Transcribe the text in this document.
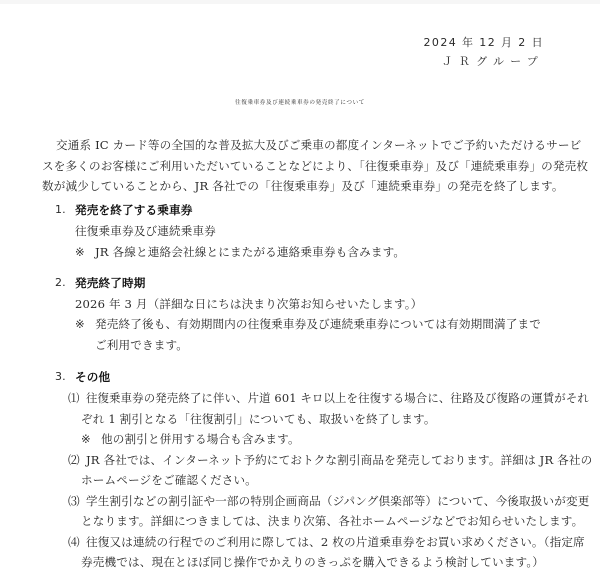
2024 年 12 月 2 日
ＪＲグループ
往復乗車券及び連続乗車券の発売終了について
交通系 IC カード等の全国的な普及拡大及びご乗車の都度インターネットでご予約いただけるサービ
スを多くのお客様にご利用いただいていることなどにより、「往復乗車券」及び「連続乗車券」の発売枚
数が減少していることから、JR 各社での「往復乗車券」及び「連続乗車券」の発売を終了します。
1. 発売を終了する乗車券
往復乗車券及び連続乗車券
※ JR 各線と連絡会社線とにまたがる連絡乗車券も含みます。
2. 発売終了時期
2026 年 3 月（詳細な日にちは決まり次第お知らせいたします。）
※ 発売終了後も、有効期間内の往復乗車券及び連続乗車券については有効期間満了まで
ご利用できます。
3. その他
⑴ 往復乗車券の発売終了に伴い、片道 601 キロ以上を往復する場合に、往路及び復路の運賃がそれ
ぞれ 1 割引となる「往復割引」についても、取扱いを終了します。
※ 他の割引と併用する場合も含みます。
⑵ JR 各社では、インターネット予約にておトクな割引商品を発売しております。詳細は JR 各社の
ホームページをご確認ください。
⑶ 学生割引などの割引証や一部の特別企画商品（ジパング倶楽部等）について、今後取扱いが変更
となります。詳細につきましては、決まり次第、各社ホームページなどでお知らせいたします。
⑷ 往復又は連続の行程でのご利用に際しては、2 枚の片道乗車券をお買い求めください。（指定席
券売機では、現在とほぼ同じ操作でかえりのきっぷを購入できるよう検討しています。）
